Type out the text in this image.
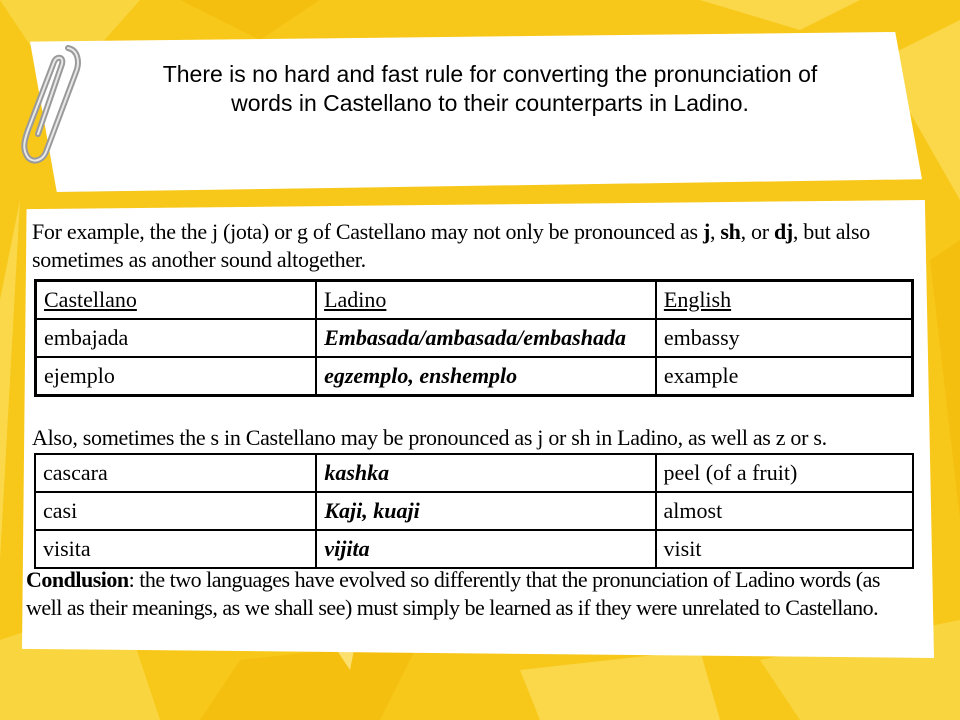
There is no hard and fast rule for converting the pronunciation of
words in Castellano to their counterparts in Ladino.
For example, the the j (jota) or g of Castellano may not only be pronounced as j, sh, or dj, but also
sometimes as another sound altogether.
Castellano	Ladino	English
embajada	Embasada/ambasada/embashada	embassy
ejemplo	egzemplo, enshemplo	example
Also, sometimes the s in Castellano may be pronounced as j or sh in Ladino, as well as z or s.
cascara	kashka	peel (of a fruit)
casi	Kaji, kuaji	almost
visita	vijita	visit
Condlusion: the two languages have evolved so differently that the pronunciation of Ladino words (as
well as their meanings, as we shall see) must simply be learned as if they were unrelated to Castellano.
